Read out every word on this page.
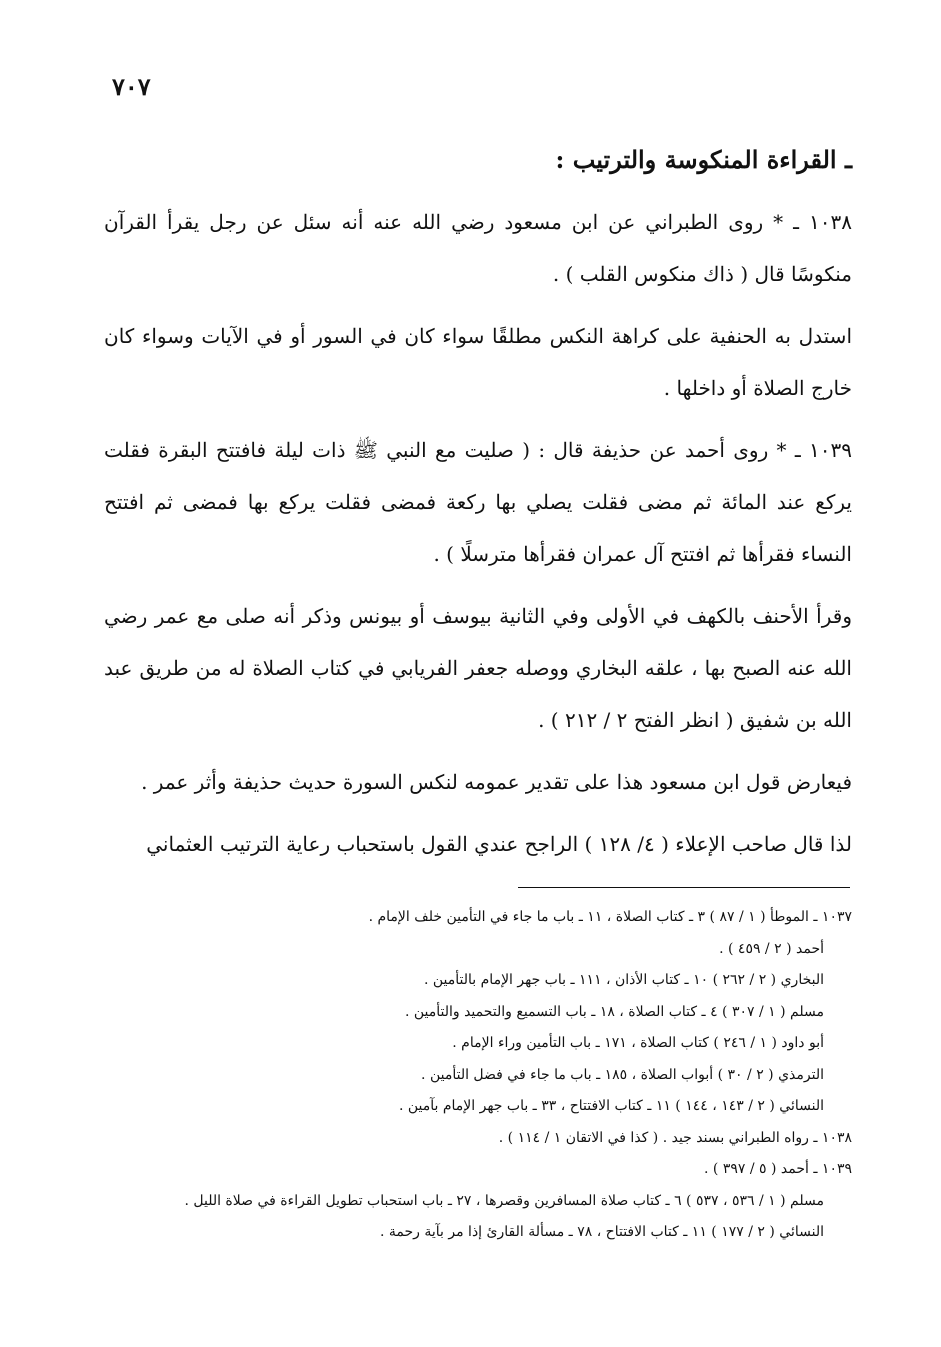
٧٠٧
ـ القراءة المنكوسة والترتيب :

١٠٣٨ ـ * روى الطبراني عن ابن مسعود رضي الله عنه أنه سئل عن رجل يقرأ القرآن منكوسًا قال ( ذاك منكوس القلب ) .

استدل به الحنفية على كراهة النكس مطلقًا سواء كان في السور أو في الآيات وسواء كان خارج الصلاة أو داخلها .

١٠٣٩ ـ * روى أحمد عن حذيفة قال : ( صليت مع النبي ﷺ ذات ليلة فافتتح البقرة فقلت يركع عند المائة ثم مضى فقلت يصلي بها ركعة فمضى فقلت يركع بها فمضى ثم افتتح النساء فقرأها ثم افتتح آل عمران فقرأها مترسلًا ) .

وقرأ الأحنف بالكهف في الأولى وفي الثانية بيوسف أو بيونس وذكر أنه صلى مع عمر رضي الله عنه الصبح بها ، علقه البخاري ووصله جعفر الفريابي في كتاب الصلاة له من طريق عبد الله بن شفيق ( انظر الفتح ٢ / ٢١٢ ) .

فيعارض قول ابن مسعود هذا على تقدير عمومه لنكس السورة حديث حذيفة وأثر عمر .

لذا قال صاحب الإعلاء ( ٤/ ١٢٨ ) الراجح عندي القول باستحباب رعاية الترتيب العثماني

١٠٣٧ ـ الموطأ ( ١ / ٨٧ ) ٣ ـ كتاب الصلاة ، ١١ ـ باب ما جاء في التأمين خلف الإمام .

أحمد ( ٢ / ٤٥٩ ) .

البخاري ( ٢ / ٢٦٢ ) ١٠ ـ كتاب الأذان ، ١١١ ـ باب جهر الإمام بالتأمين .

مسلم ( ١ / ٣٠٧ ) ٤ ـ كتاب الصلاة ، ١٨ ـ باب التسميع والتحميد والتأمين .

أبو داود ( ١ / ٢٤٦ ) كتاب الصلاة ، ١٧١ ـ باب التأمين وراء الإمام .

الترمذي ( ٢ / ٣٠ ) أبواب الصلاة ، ١٨٥ ـ باب ما جاء في فضل التأمين .

النسائي ( ٢ / ١٤٣ ، ١٤٤ ) ١١ ـ كتاب الافتتاح ، ٣٣ ـ باب جهر الإمام بآمين .

١٠٣٨ ـ رواه الطبراني بسند جيد . ( كذا في الاتقان ١ / ١١٤ ) .

١٠٣٩ ـ أحمد ( ٥ / ٣٩٧ ) .

مسلم ( ١ / ٥٣٦ ، ٥٣٧ ) ٦ ـ كتاب صلاة المسافرين وقصرها ، ٢٧ ـ باب استحباب تطويل القراءة في صلاة الليل .

النسائي ( ٢ / ١٧٧ ) ١١ ـ كتاب الافتتاح ، ٧٨ ـ مسألة القارئ إذا مر بآية رحمة .
